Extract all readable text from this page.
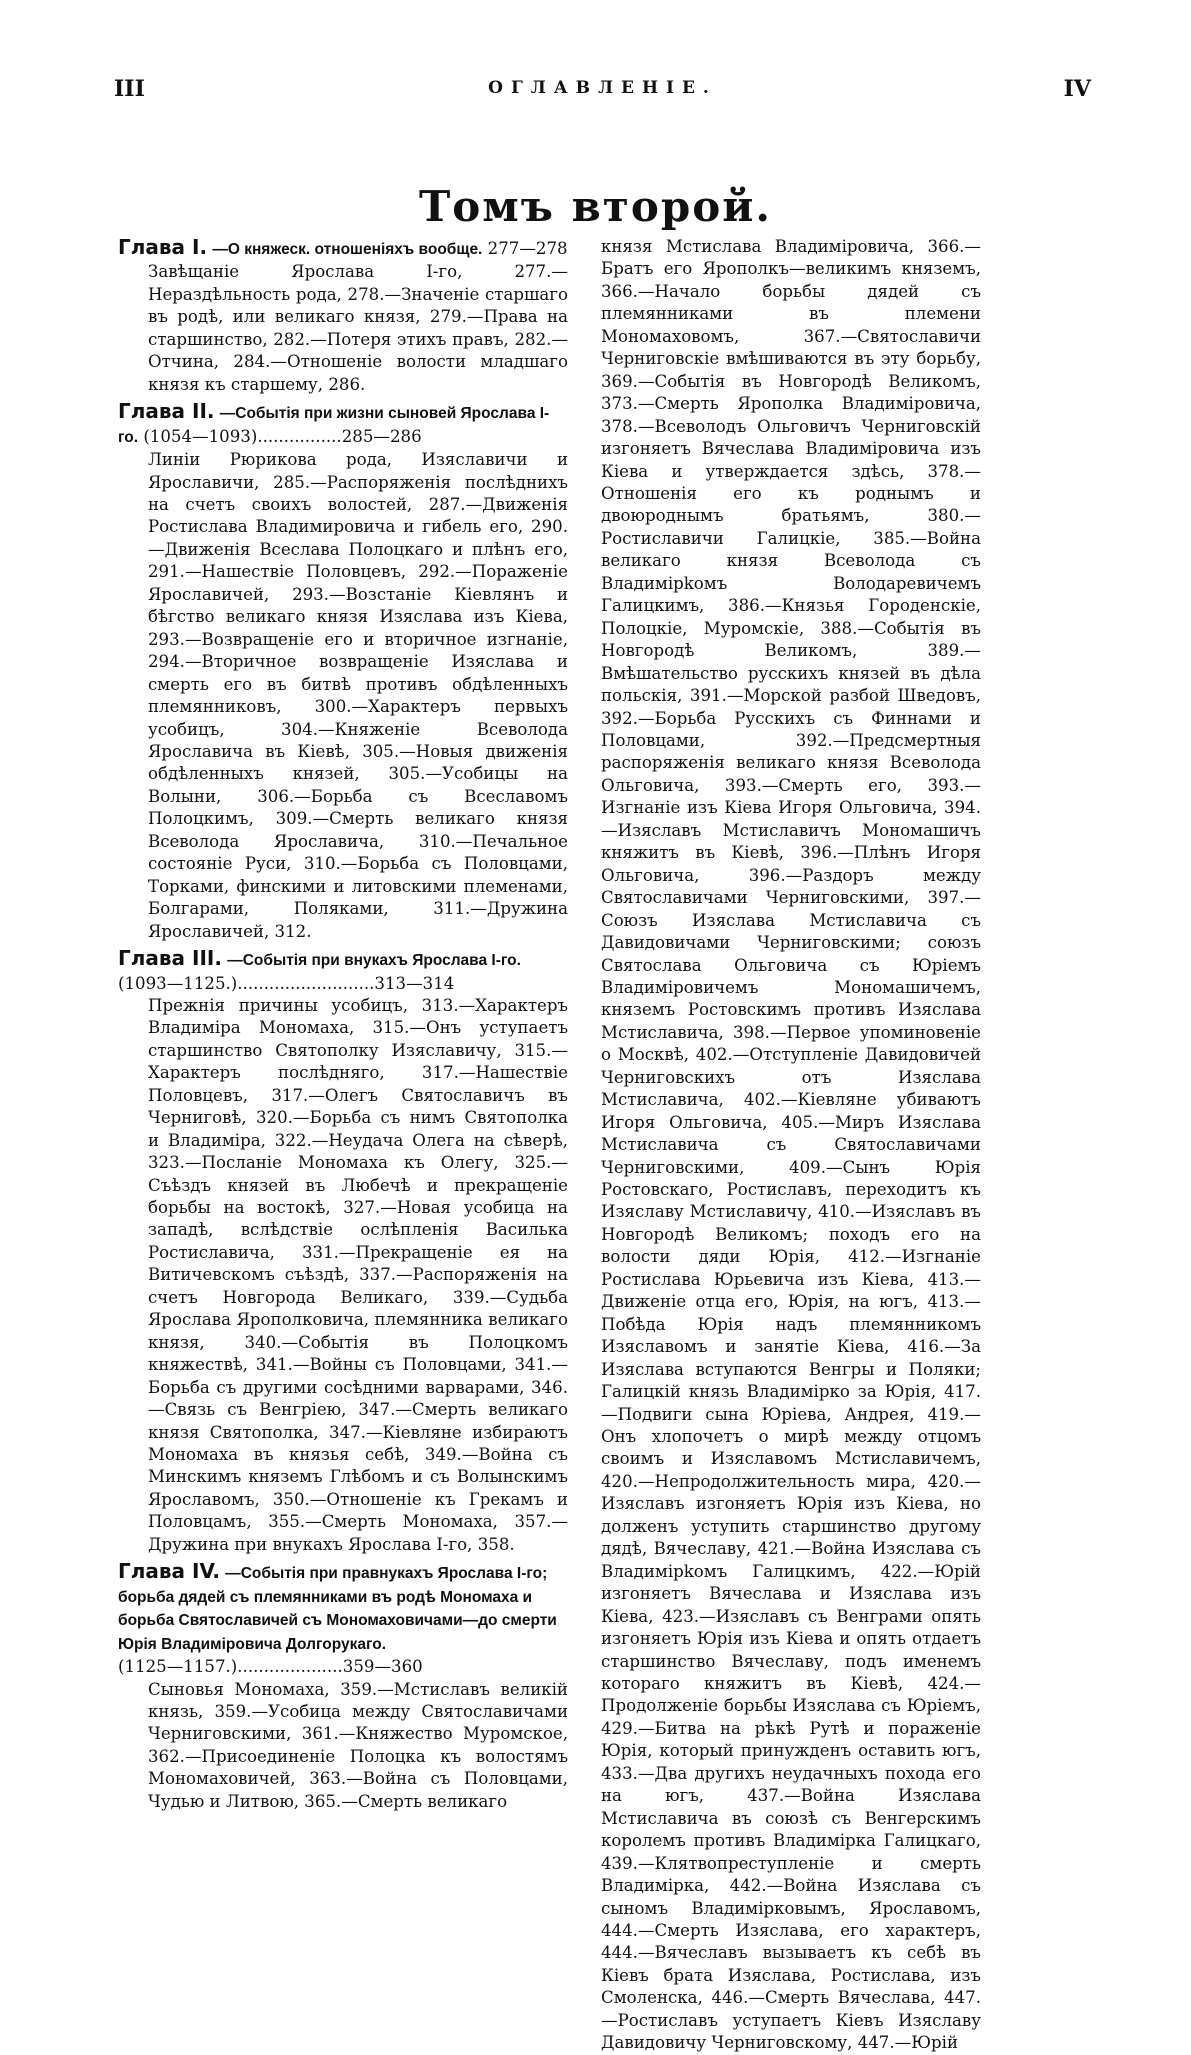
III	ОГЛАВЛЕНІЕ.	IV
Томъ второй.

Глава I. —О княжеск. отношеніяхъ вообще. 277—278

Завѣщаніе Ярослава I-го, 277.—Нераздѣльность рода, 278.—Значеніе старшаго въ родѣ, или великаго князя, 279.—Права на старшинство, 282.—Потеря этихъ правъ, 282.—Отчина, 284.—Отношеніе волости младшаго князя къ старшему, 286.

Глава II. —Событія при жизни сыновей Ярослава I-го. (1054—1093)................285—286

Линіи Рюрикова рода, Изяславичи и Ярославичи, 285.—Распоряженія послѣднихъ на счетъ своихъ волостей, 287.—Движенія Ростислава Владимировича и гибель его, 290.—Движенія Всеслава Полоцкаго и плѣнъ его, 291.—Нашествіе Половцевъ, 292.—Пораженіе Ярославичей, 293.—Возстаніе Кіевлянъ и бѣгство великаго князя Изяслава изъ Кіева, 293.—Возвращеніе его и вторичное изгнаніе, 294.—Вторичное возвращеніе Изяслава и смерть его въ битвѣ противъ обдѣленныхъ племянниковъ, 300.—Характеръ первыхъ усобицъ, 304.—Княженіе Всеволода Ярославича въ Кіевѣ, 305.—Новыя движенія обдѣленныхъ князей, 305.—Усобицы на Волыни, 306.—Борьба съ Всеславомъ Полоцкимъ, 309.—Смерть великаго князя Всеволода Ярославича, 310.—Печальное состояніе Руси, 310.—Борьба съ Половцами, Торками, финскими и литовскими племенами, Болгарами, Поляками, 311.—Дружина Ярославичей, 312.

Глава III. —Событія при внукахъ Ярослава I-го. (1093—1125.)..........................313—314

Прежнія причины усобицъ, 313.—Характеръ Владиміра Мономаха, 315.—Онъ уступаетъ старшинство Святополку Изяславичу, 315.—Характеръ послѣдняго, 317.—Нашествіе Половцевъ, 317.—Олегъ Святославичъ въ Черниговѣ, 320.—Борьба съ нимъ Святополка и Владиміра, 322.—Неудача Олега на сѣверѣ, 323.—Посланіе Мономаха къ Олегу, 325.—Съѣздъ князей въ Любечѣ и прекращеніе борьбы на востокѣ, 327.—Новая усобица на западѣ, вслѣдствіе ослѣпленія Василька Ростиславича, 331.—Прекращеніе ея на Витичевскомъ съѣздѣ, 337.—Распоряженія на счетъ Новгорода Великаго, 339.—Судьба Ярослава Ярополковича, племянника великаго князя, 340.—Событія въ Полоцкомъ княжествѣ, 341.—Войны съ Половцами, 341.—Борьба съ другими сосѣдними варварами, 346.—Связь съ Венгріею, 347.—Смерть великаго князя Святополка, 347.—Кіевляне избираютъ Мономаха въ князья себѣ, 349.—Война съ Минскимъ княземъ Глѣбомъ и съ Волынскимъ Ярославомъ, 350.—Отношеніе къ Грекамъ и Половцамъ, 355.—Смерть Мономаха, 357.—Дружина при внукахъ Ярослава I-го, 358.

Глава IV. —Событія при правнукахъ Ярослава I-го; борьба дядей съ племянниками въ родѣ Мономаха и борьба Святославичей съ Мономаховичами—до смерти Юрія Владиміровича Долгорукаго. (1125—1157.)....................359—360

Сыновья Мономаха, 359.—Мстиславъ великій князь, 359.—Усобица между Святославичами Черниговскими, 361.—Княжество Муромское, 362.—Присоединеніе Полоцка къ волостямъ Мономаховичей, 363.—Война съ Половцами, Чудью и Литвою, 365.—Смерть великаго

князя Мстислава Владиміровича, 366.—Братъ его Ярополкъ—великимъ княземъ, 366.—Начало борьбы дядей съ племянниками въ племени Мономаховомъ, 367.—Святославичи Черниговскіе вмѣшиваются въ эту борьбу, 369.—Событія въ Новгородѣ Великомъ, 373.—Смерть Ярополка Владиміровича, 378.—Всеволодъ Ольговичъ Черниговскій изгоняетъ Вячеслава Владиміровича изъ Кіева и утверждается здѣсь, 378.—Отношенія его къ роднымъ и двоюроднымъ братьямъ, 380.—Ростиславичи Галицкіе, 385.—Война великаго князя Всеволода съ Владимірkомъ Володаревичемъ Галицкимъ, 386.—Князья Городенскіе, Полоцкіе, Муромскіе, 388.—Событія въ Новгородѣ Великомъ, 389.—Вмѣшательство русскихъ князей въ дѣла польскія, 391.—Морской разбой Шведовъ, 392.—Борьба Русскихъ съ Финнами и Половцами, 392.—Предсмертныя распоряженія великаго князя Всеволода Ольговича, 393.—Смерть его, 393.—Изгнаніе изъ Кіева Игоря Ольговича, 394.—Изяславъ Мстиславичъ Мономашичъ княжитъ въ Кіевѣ, 396.—Плѣнъ Игоря Ольговича, 396.—Раздоръ между Святославичами Черниговскими, 397.—Союзъ Изяслава Мстиславича съ Давидовичами Черниговскими; союзъ Святослава Ольговича съ Юріемъ Владиміровичемъ Мономашичемъ, княземъ Ростовскимъ противъ Изяслава Мстиславича, 398.—Первое упоминовеніе о Москвѣ, 402.—Отступленіе Давидовичей Черниговскихъ отъ Изяслава Мстиславича, 402.—Кіевляне убиваютъ Игоря Ольговича, 405.—Миръ Изяслава Мстиславича съ Святославичами Черниговскими, 409.—Сынъ Юрія Ростовскаго, Ростиславъ, переходитъ къ Изяславу Мстиславичу, 410.—Изяславъ въ Новгородѣ Великомъ; походъ его на волости дяди Юрія, 412.—Изгнаніе Ростислава Юрьевича изъ Кіева, 413.—Движеніе отца его, Юрія, на югъ, 413.—Побѣда Юрія надъ племянникомъ Изяславомъ и занятіе Кіева, 416.—За Изяслава вступаются Венгры и Поляки; Галицкій князь Владимірко за Юрія, 417.—Подвиги сына Юріева, Андрея, 419.—Онъ хлопочетъ о мирѣ между отцомъ своимъ и Изяславомъ Мстиславичемъ, 420.—Непродолжительность мира, 420.—Изяславъ изгоняетъ Юрія изъ Кіева, но долженъ уступить старшинство другому дядѣ, Вячеславу, 421.—Война Изяслава съ Владимірkомъ Галицкимъ, 422.—Юрій изгоняетъ Вячеслава и Изяслава изъ Кіева, 423.—Изяславъ съ Венграми опять изгоняетъ Юрія изъ Кіева и опять отдаетъ старшинство Вячеславу, подъ именемъ котораго княжитъ въ Кіевѣ, 424.—Продолженіе борьбы Изяслава съ Юріемъ, 429.—Битва на рѣкѣ Рутѣ и пораженіе Юрія, который принужденъ оставить югъ, 433.—Два другихъ неудачныхъ похода его на югъ, 437.—Война Изяслава Мстиславича въ союзѣ съ Венгерскимъ королемъ противъ Владимірка Галицкаго, 439.—Клятвопреступленіе и смерть Владимірка, 442.—Война Изяслава съ сыномъ Владимірковымъ, Ярославомъ, 444.—Смерть Изяслава, его характеръ, 444.—Вячеславъ вызываетъ къ себѣ въ Кіевъ брата Изяслава, Ростислава, изъ Смоленска, 446.—Смерть Вячеслава, 447.—Ростиславъ уступаетъ Кіевъ Изяславу Давидовичу Черниговскому, 447.—Юрій
